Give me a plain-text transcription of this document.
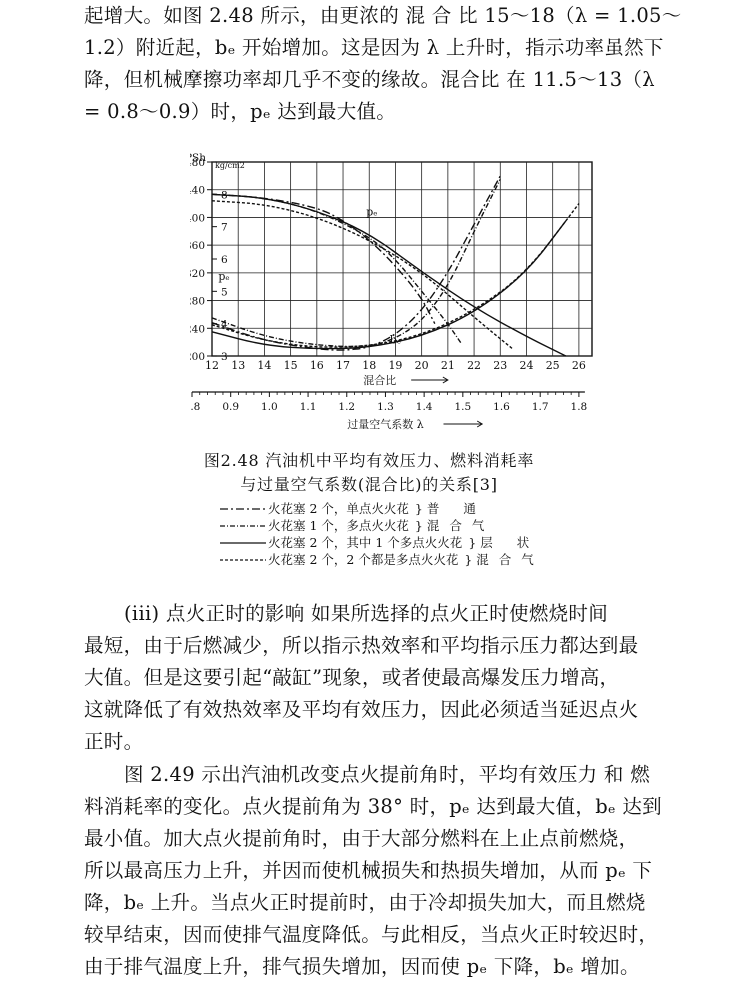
起增大。如图 2.48 所示，由更浓的 混 合 比 15～18（λ = 1.05～
1.2）附近起，bₑ 开始增加。这是因为 λ 上升时，指示功率虽然下
降，但机械摩擦功率却几乎不变的缘故。混合比 在 11.5～13（λ
= 0.8～0.9）时，pₑ 达到最大值。
12 13 14 15 16 17 18 19 20 21 22 23 24 25 26
00
40
80
20
60
00
40
80
3
4
5
6
7
8
Sh
kg/cm2
pₑ
pₑ
bₑ
混合比
.8 0.9 1.0 1.1 1.2 1.3 1.4 1.5 1.6 1.7 1.8
过量空气系数 λ
图2.48 汽油机中平均有效压力、燃料消耗率
与过量空气系数(混合比)的关系[3]
火花塞 2 个，单点火火花 } 普 通
火花塞 1 个，多点火火花 } 混合气
火花塞 2 个，其中 1 个多点火火花 } 层 状
火花塞 2 个，2 个都是多点火火花 } 混合气
(iii) 点火正时的影响 如果所选择的点火正时使燃烧时间
最短，由于后燃减少，所以指示热效率和平均指示压力都达到最
大值。但是这要引起“敲缸”现象，或者使最高爆发压力增高，
这就降低了有效热效率及平均有效压力，因此必须适当延迟点火
正时。
图 2.49 示出汽油机改变点火提前角时，平均有效压力 和 燃
料消耗率的变化。点火提前角为 38° 时，pₑ 达到最大值，bₑ 达到
最小值。加大点火提前角时，由于大部分燃料在上止点前燃烧，
所以最高压力上升，并因而使机械损失和热损失增加，从而 pₑ 下
降，bₑ 上升。当点火正时提前时，由于冷却损失加大，而且燃烧
较早结束，因而使排气温度降低。与此相反，当点火正时较迟时，
由于排气温度上升，排气损失增加，因而使 pₑ 下降，bₑ 增加。
